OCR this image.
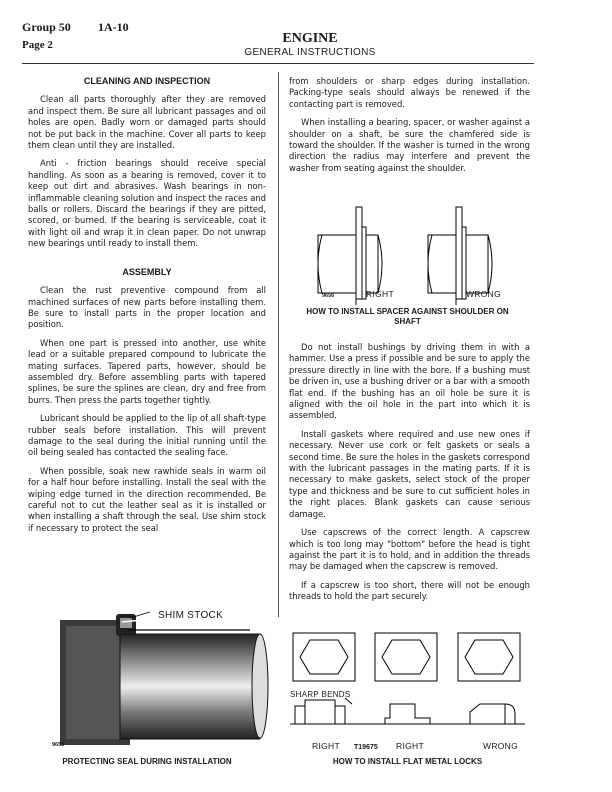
Group 50 1A-10
Page 2	ENGINE
GENERAL INSTRUCTIONS
CLEANING AND INSPECTION

Clean all parts thoroughly after they are removed and inspect them. Be sure all lubricant passages and oil holes are open. Badly worn or damaged parts should not be put back in the machine. Cover all parts to keep them clean until they are installed.

Anti - friction bearings should receive special handling. As soon as a bearing is removed, cover it to keep out dirt and abrasives. Wash bearings in non-inflammable cleaning solution and inspect the races and balls or rollers. Discard the bearings if they are pitted, scored, or burned. If the bearing is serviceable, coat it with light oil and wrap it in clean paper. Do not unwrap new bearings until ready to install them.

ASSEMBLY

Clean the rust preventive compound from all machined surfaces of new parts before installing them. Be sure to install parts in the proper location and position.

When one part is pressed into another, use white lead or a suitable prepared compound to lubricate the mating surfaces. Tapered parts, however, should be assembled dry. Before assembling parts with tapered splines, be sure the splines are clean, dry and free from burrs. Then press the parts together tightly.

Lubricant should be applied to the lip of all shaft-type rubber seals before installation. This will prevent damage to the seal during the initial running until the oil being sealed has contacted the sealing face.

When possible, soak new rawhide seals in warm oil for a half hour before installing. Install the seal with the wiping edge turned in the direction recommended. Be careful not to cut the leather seal as it is installed or when installing a shaft through the seal. Use shim stock if necessary to protect the seal

SHIM STOCK
9655
PROTECTING SEAL DURING INSTALLATION

from shoulders or sharp edges during installation. Packing-type seals should always be renewed if the contacting part is removed.

When installing a bearing, spacer, or washer against a shoulder on a shaft, be sure the chamfered side is toward the shoulder. If the washer is turned in the wrong direction the radius may interfere and prevent the washer from seating against the shoulder.

9656	RIGHT	WRONG
HOW TO INSTALL SPACER AGAINST SHOULDER ON SHAFT

Do not install bushings by driving them in with a hammer. Use a press if possible and be sure to apply the pressure directly in line with the bore. If a bushing must be driven in, use a bushing driver or a bar with a smooth flat end. If the bushing has an oil hole be sure it is aligned with the oil hole in the part into which it is assembled.

Install gaskets where required and use new ones if necessary. Never use cork or felt gaskets or seals a second time. Be sure the holes in the gaskets correspond with the lubricant passages in the mating parts. If it is necessary to make gaskets, select stock of the proper type and thickness and be sure to cut sufficient holes in the right places. Blank gaskets can cause serious damage.

Use capscrews of the correct length. A capscrew which is too long may "bottom" before the head is tight against the part it is to hold, and in addition the threads may be damaged when the capscrew is removed.

If a capscrew is too short, there will not be enough threads to hold the part securely.

SHARP BENDS
RIGHT T19675 RIGHT	WRONG
HOW TO INSTALL FLAT METAL LOCKS
